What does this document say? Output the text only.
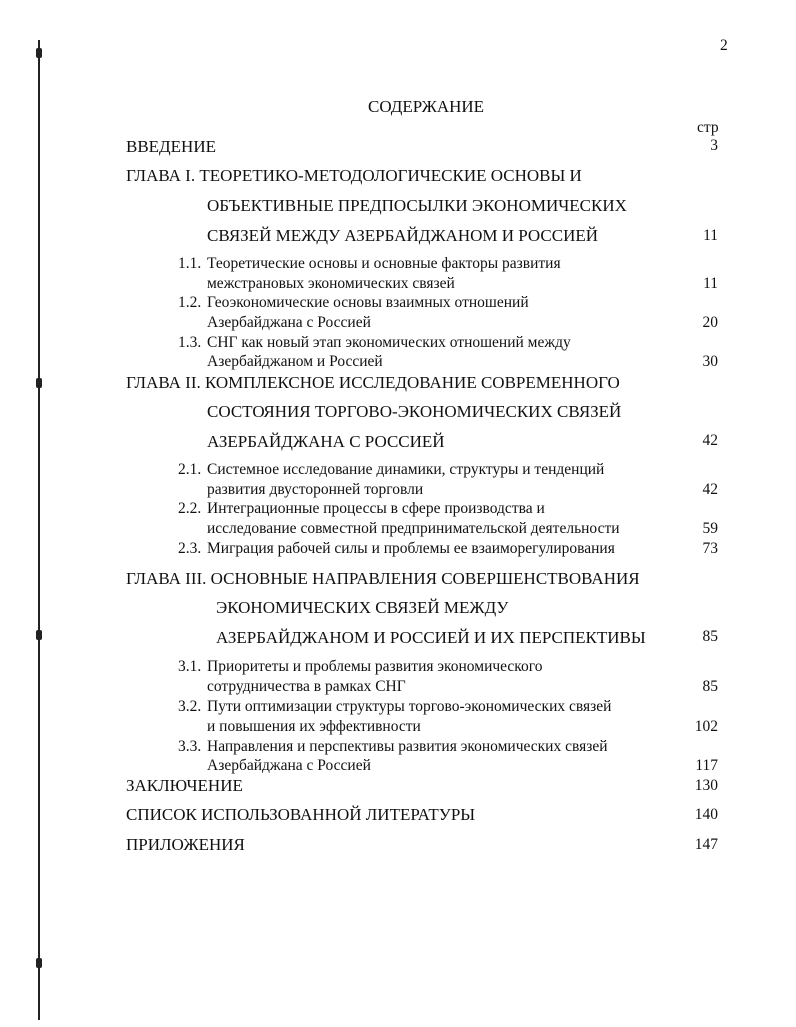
2
СОДЕРЖАНИЕ
стр
ВВЕДЕНИЕ	3
ГЛАВА I. ТЕОРЕТИКО-МЕТОДОЛОГИЧЕСКИЕ ОСНОВЫ И
ОБЪЕКТИВНЫЕ ПРЕДПОСЫЛКИ ЭКОНОМИЧЕСКИХ
СВЯЗЕЙ МЕЖДУ АЗЕРБАЙДЖАНОМ И РОССИЕЙ	11
1.1. Теоретические основы и основные факторы развития
межстрановых экономических связей	11
1.2. Геоэкономические основы взаимных отношений
Азербайджана с Россией	20
1.3. СНГ как новый этап экономических отношений между
Азербайджаном и Россией	30
ГЛАВА II. КОМПЛЕКСНОЕ ИССЛЕДОВАНИЕ СОВРЕМЕННОГО
СОСТОЯНИЯ ТОРГОВО-ЭКОНОМИЧЕСКИХ СВЯЗЕЙ
АЗЕРБАЙДЖАНА С РОССИЕЙ	42
2.1. Системное исследование динамики, структуры и тенденций
развития двусторонней торговли	42
2.2. Интеграционные процессы в сфере производства и
исследование совместной предпринимательской деятельности	59
2.3. Миграция рабочей силы и проблемы ее взаиморегулирования	73
ГЛАВА III. ОСНОВНЫЕ НАПРАВЛЕНИЯ СОВЕРШЕНСТВОВАНИЯ
ЭКОНОМИЧЕСКИХ СВЯЗЕЙ МЕЖДУ
АЗЕРБАЙДЖАНОМ И РОССИЕЙ И ИХ ПЕРСПЕКТИВЫ	85
3.1. Приоритеты и проблемы развития экономического
сотрудничества в рамках СНГ	85
3.2. Пути оптимизации структуры торгово-экономических связей
и повышения их эффективности	102
3.3. Направления и перспективы развития экономических связей
Азербайджана с Россией	117
ЗАКЛЮЧЕНИЕ	130
СПИСОК ИСПОЛЬЗОВАННОЙ ЛИТЕРАТУРЫ	140
ПРИЛОЖЕНИЯ	147
